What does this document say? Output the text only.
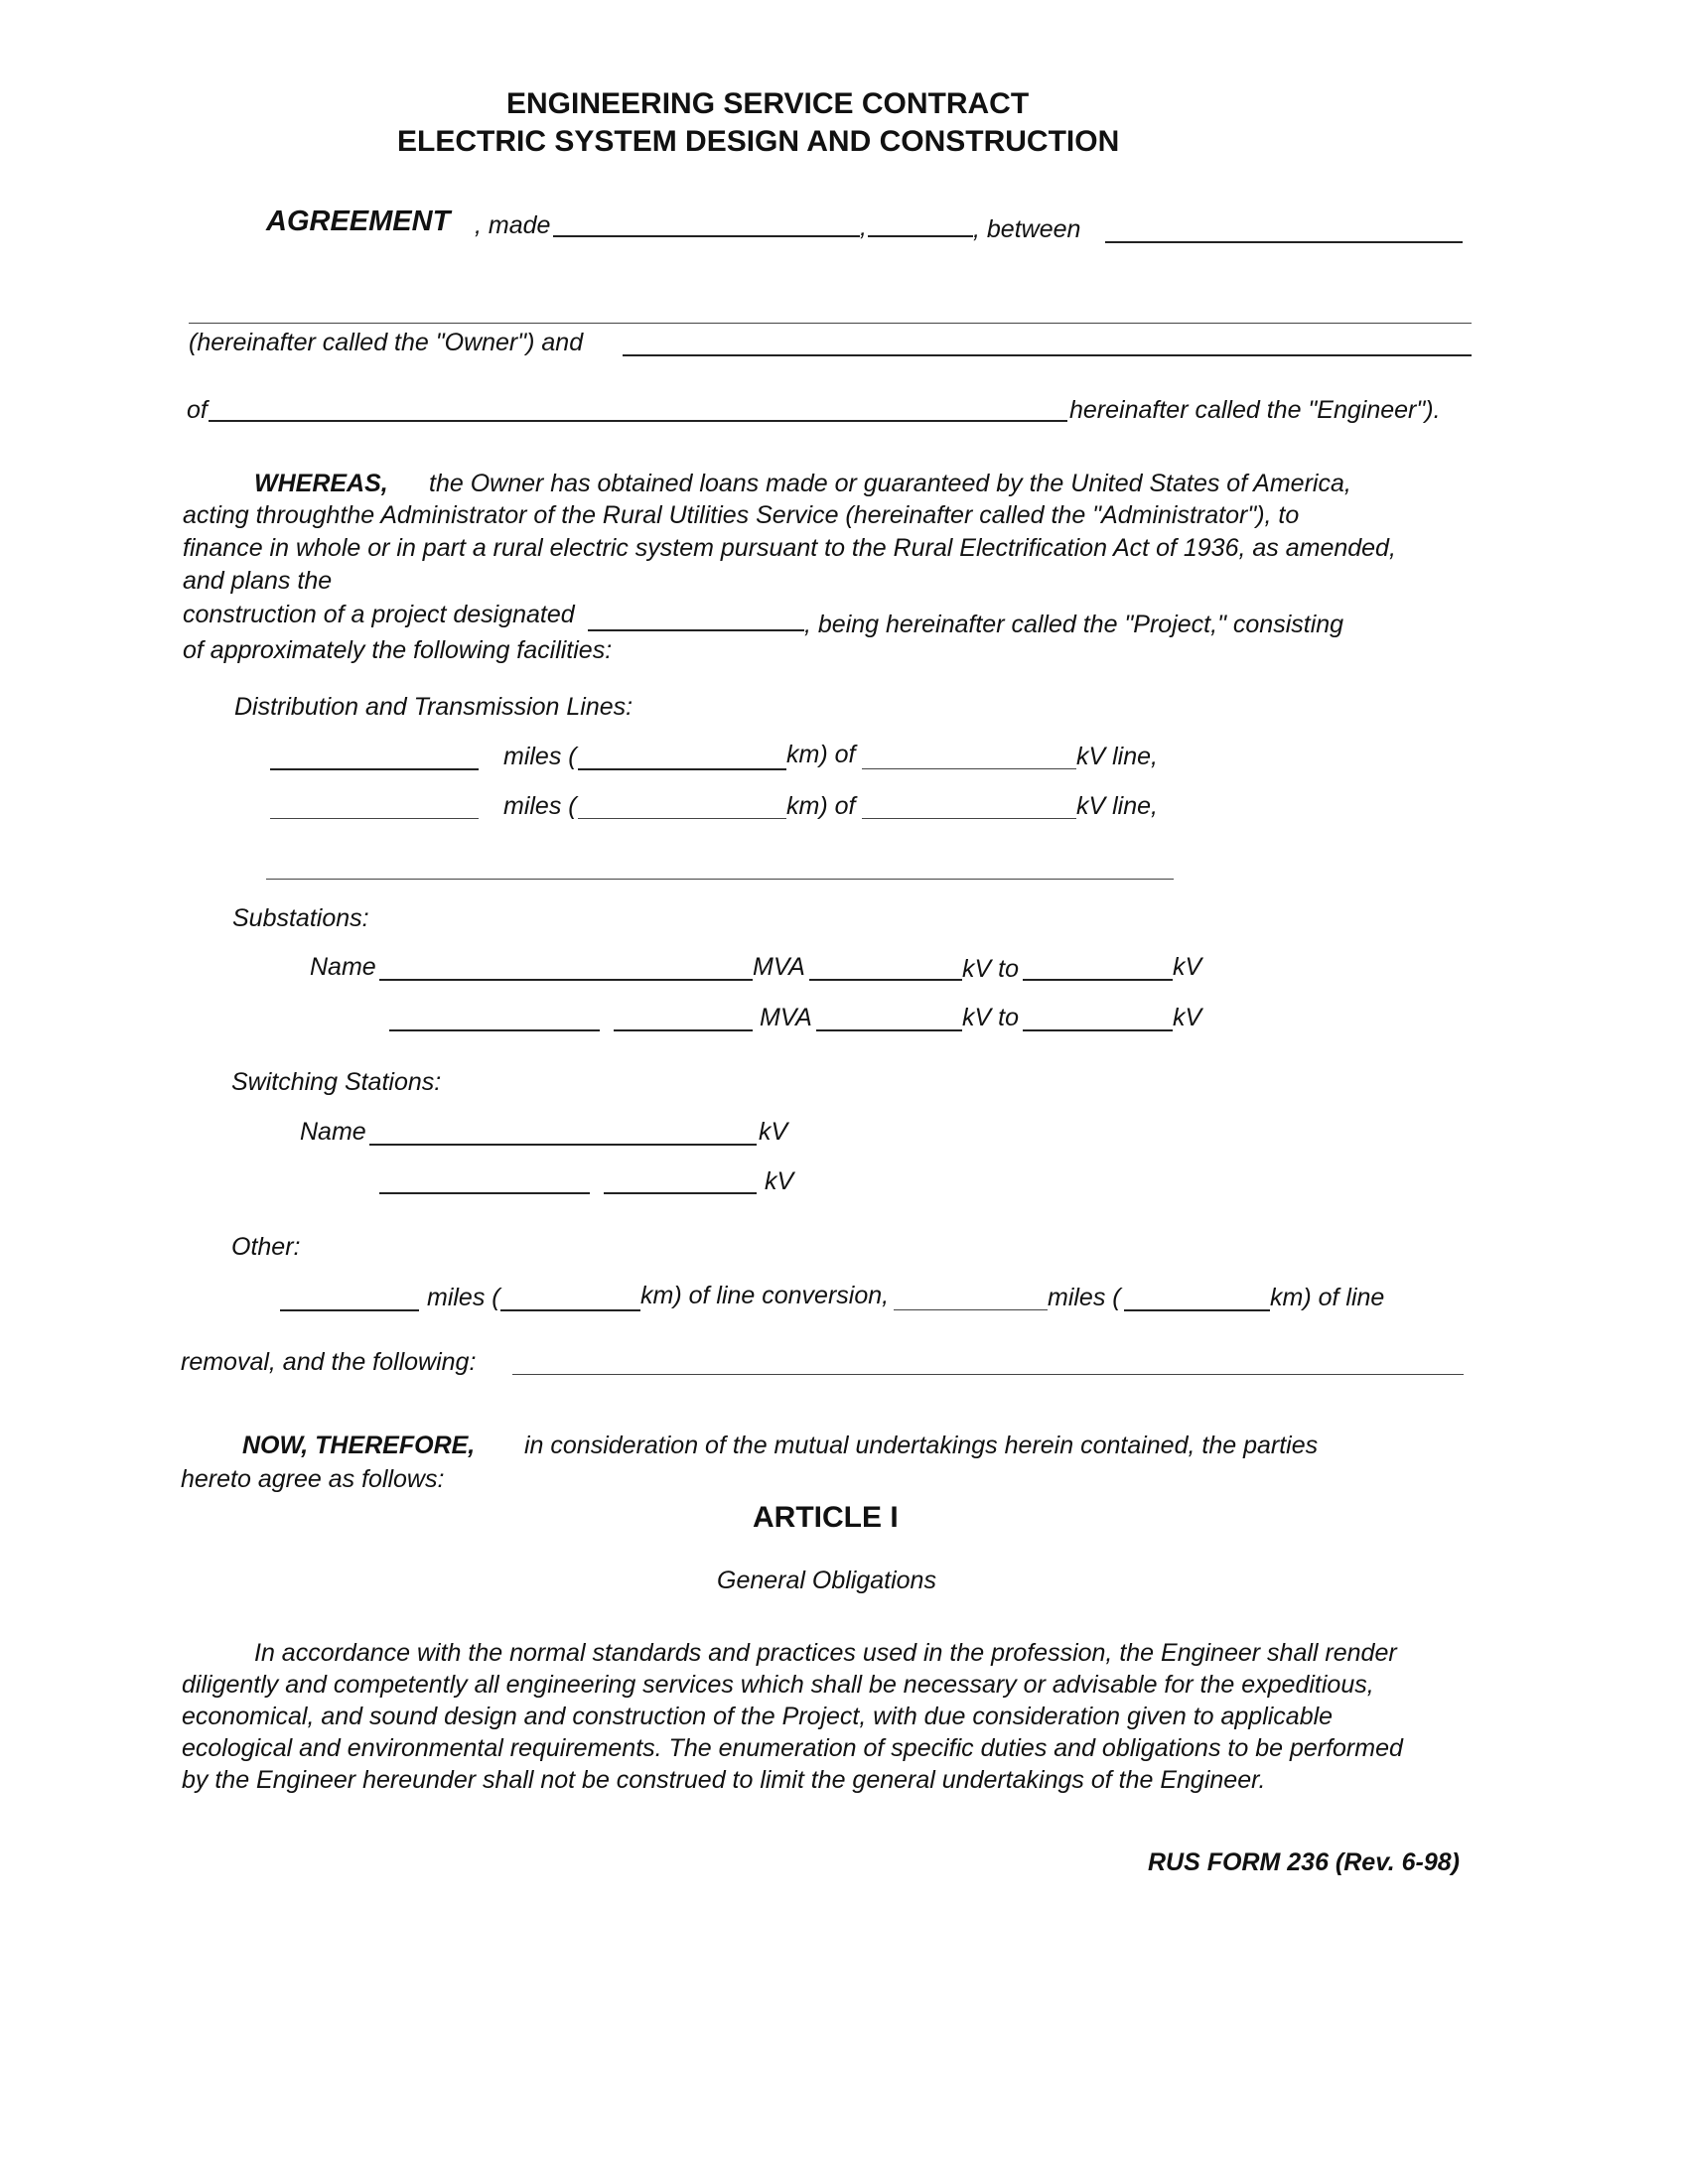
ENGINEERING SERVICE CONTRACT
ELECTRIC SYSTEM DESIGN AND CONSTRUCTION
AGREEMENT , made	,	, between
(hereinafter called the "Owner") and
of	hereinafter called the "Engineer").
WHEREAS, the Owner has obtained loans made or guaranteed by the United States of America,
acting throughthe Administrator of the Rural Utilities Service (hereinafter called the "Administrator"), to
finance in whole or in part a rural electric system pursuant to the Rural Electrification Act of 1936, as amended,
and plans the
construction of a project designated	, being hereinafter called the "Project," consisting
of approximately the following facilities:
Distribution and Transmission Lines:
miles (	km) of	kV line,
miles (	km) of	kV line,
Substations:
Name	MVA	kV to	kV
MVA	kV to	kV
Switching Stations:
Name	kV
kV
Other:
miles (	km) of line conversion,	miles (	km) of line
removal, and the following:
NOW, THEREFORE, in consideration of the mutual undertakings herein contained, the parties
hereto agree as follows:
ARTICLE I
General Obligations
In accordance with the normal standards and practices used in the profession, the Engineer shall render
diligently and competently all engineering services which shall be necessary or advisable for the expeditious,
economical, and sound design and construction of the Project, with due consideration given to applicable
ecological and environmental requirements. The enumeration of specific duties and obligations to be performed
by the Engineer hereunder shall not be construed to limit the general undertakings of the Engineer.
RUS FORM 236 (Rev. 6-98)
